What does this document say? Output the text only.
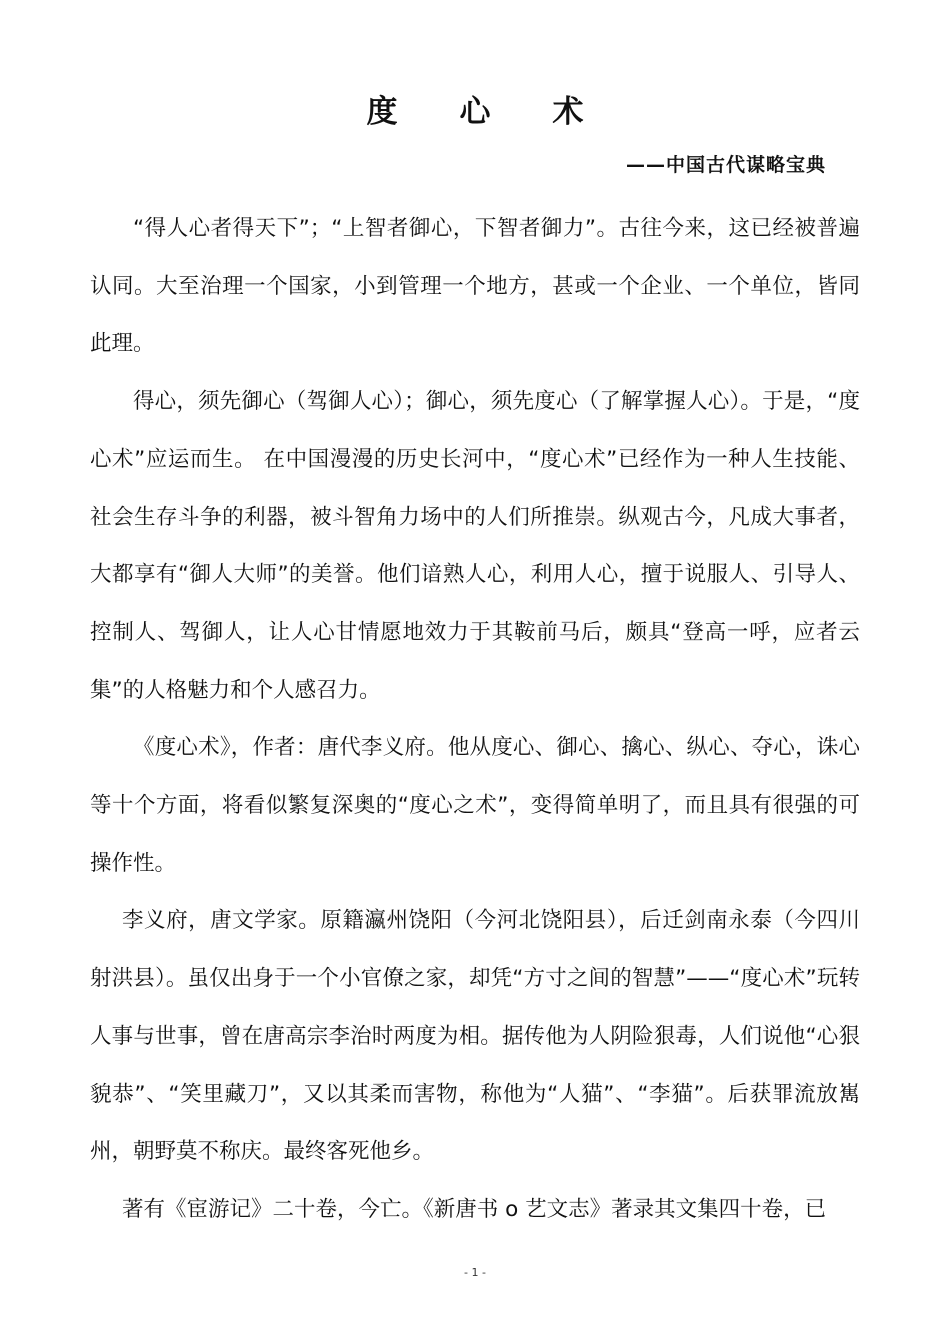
度心术
——中国古代谋略宝典

“得人心者得天下”；“上智者御心，下智者御力”。古往今来，这已经被普遍认同。大至治理一个国家，小到管理一个地方，甚或一个企业、一个单位，皆同此理。

得心，须先御心（驾御人心）；御心，须先度心（了解掌握人心）。于是，“度心术”应运而生。 在中国漫漫的历史长河中，“度心术”已经作为一种人生技能、社会生存斗争的利器，被斗智角力场中的人们所推崇。纵观古今，凡成大事者，大都享有“御人大师”的美誉。他们谙熟人心，利用人心，擅于说服人、引导人、控制人、驾御人，让人心甘情愿地效力于其鞍前马后，颇具“登高一呼，应者云集”的人格魅力和个人感召力。

《度心术》，作者：唐代李义府。他从度心、御心、擒心、纵心、夺心，诛心等十个方面，将看似繁复深奥的“度心之术”，变得简单明了，而且具有很强的可操作性。

李义府，唐文学家。原籍瀛州饶阳（今河北饶阳县），后迁剑南永泰（今四川射洪县）。虽仅出身于一个小官僚之家，却凭“方寸之间的智慧”——“度心术”玩转人事与世事，曾在唐高宗李治时两度为相。据传他为人阴险狠毒，人们说他“心狠貌恭”、“笑里藏刀”，又以其柔而害物，称他为“人猫”、“李猫”。后获罪流放嶲州，朝野莫不称庆。最终客死他乡。

著有《宦游记》二十卷，今亡。《新唐书 o 艺文志》著录其文集四十卷，已

- 1 -
